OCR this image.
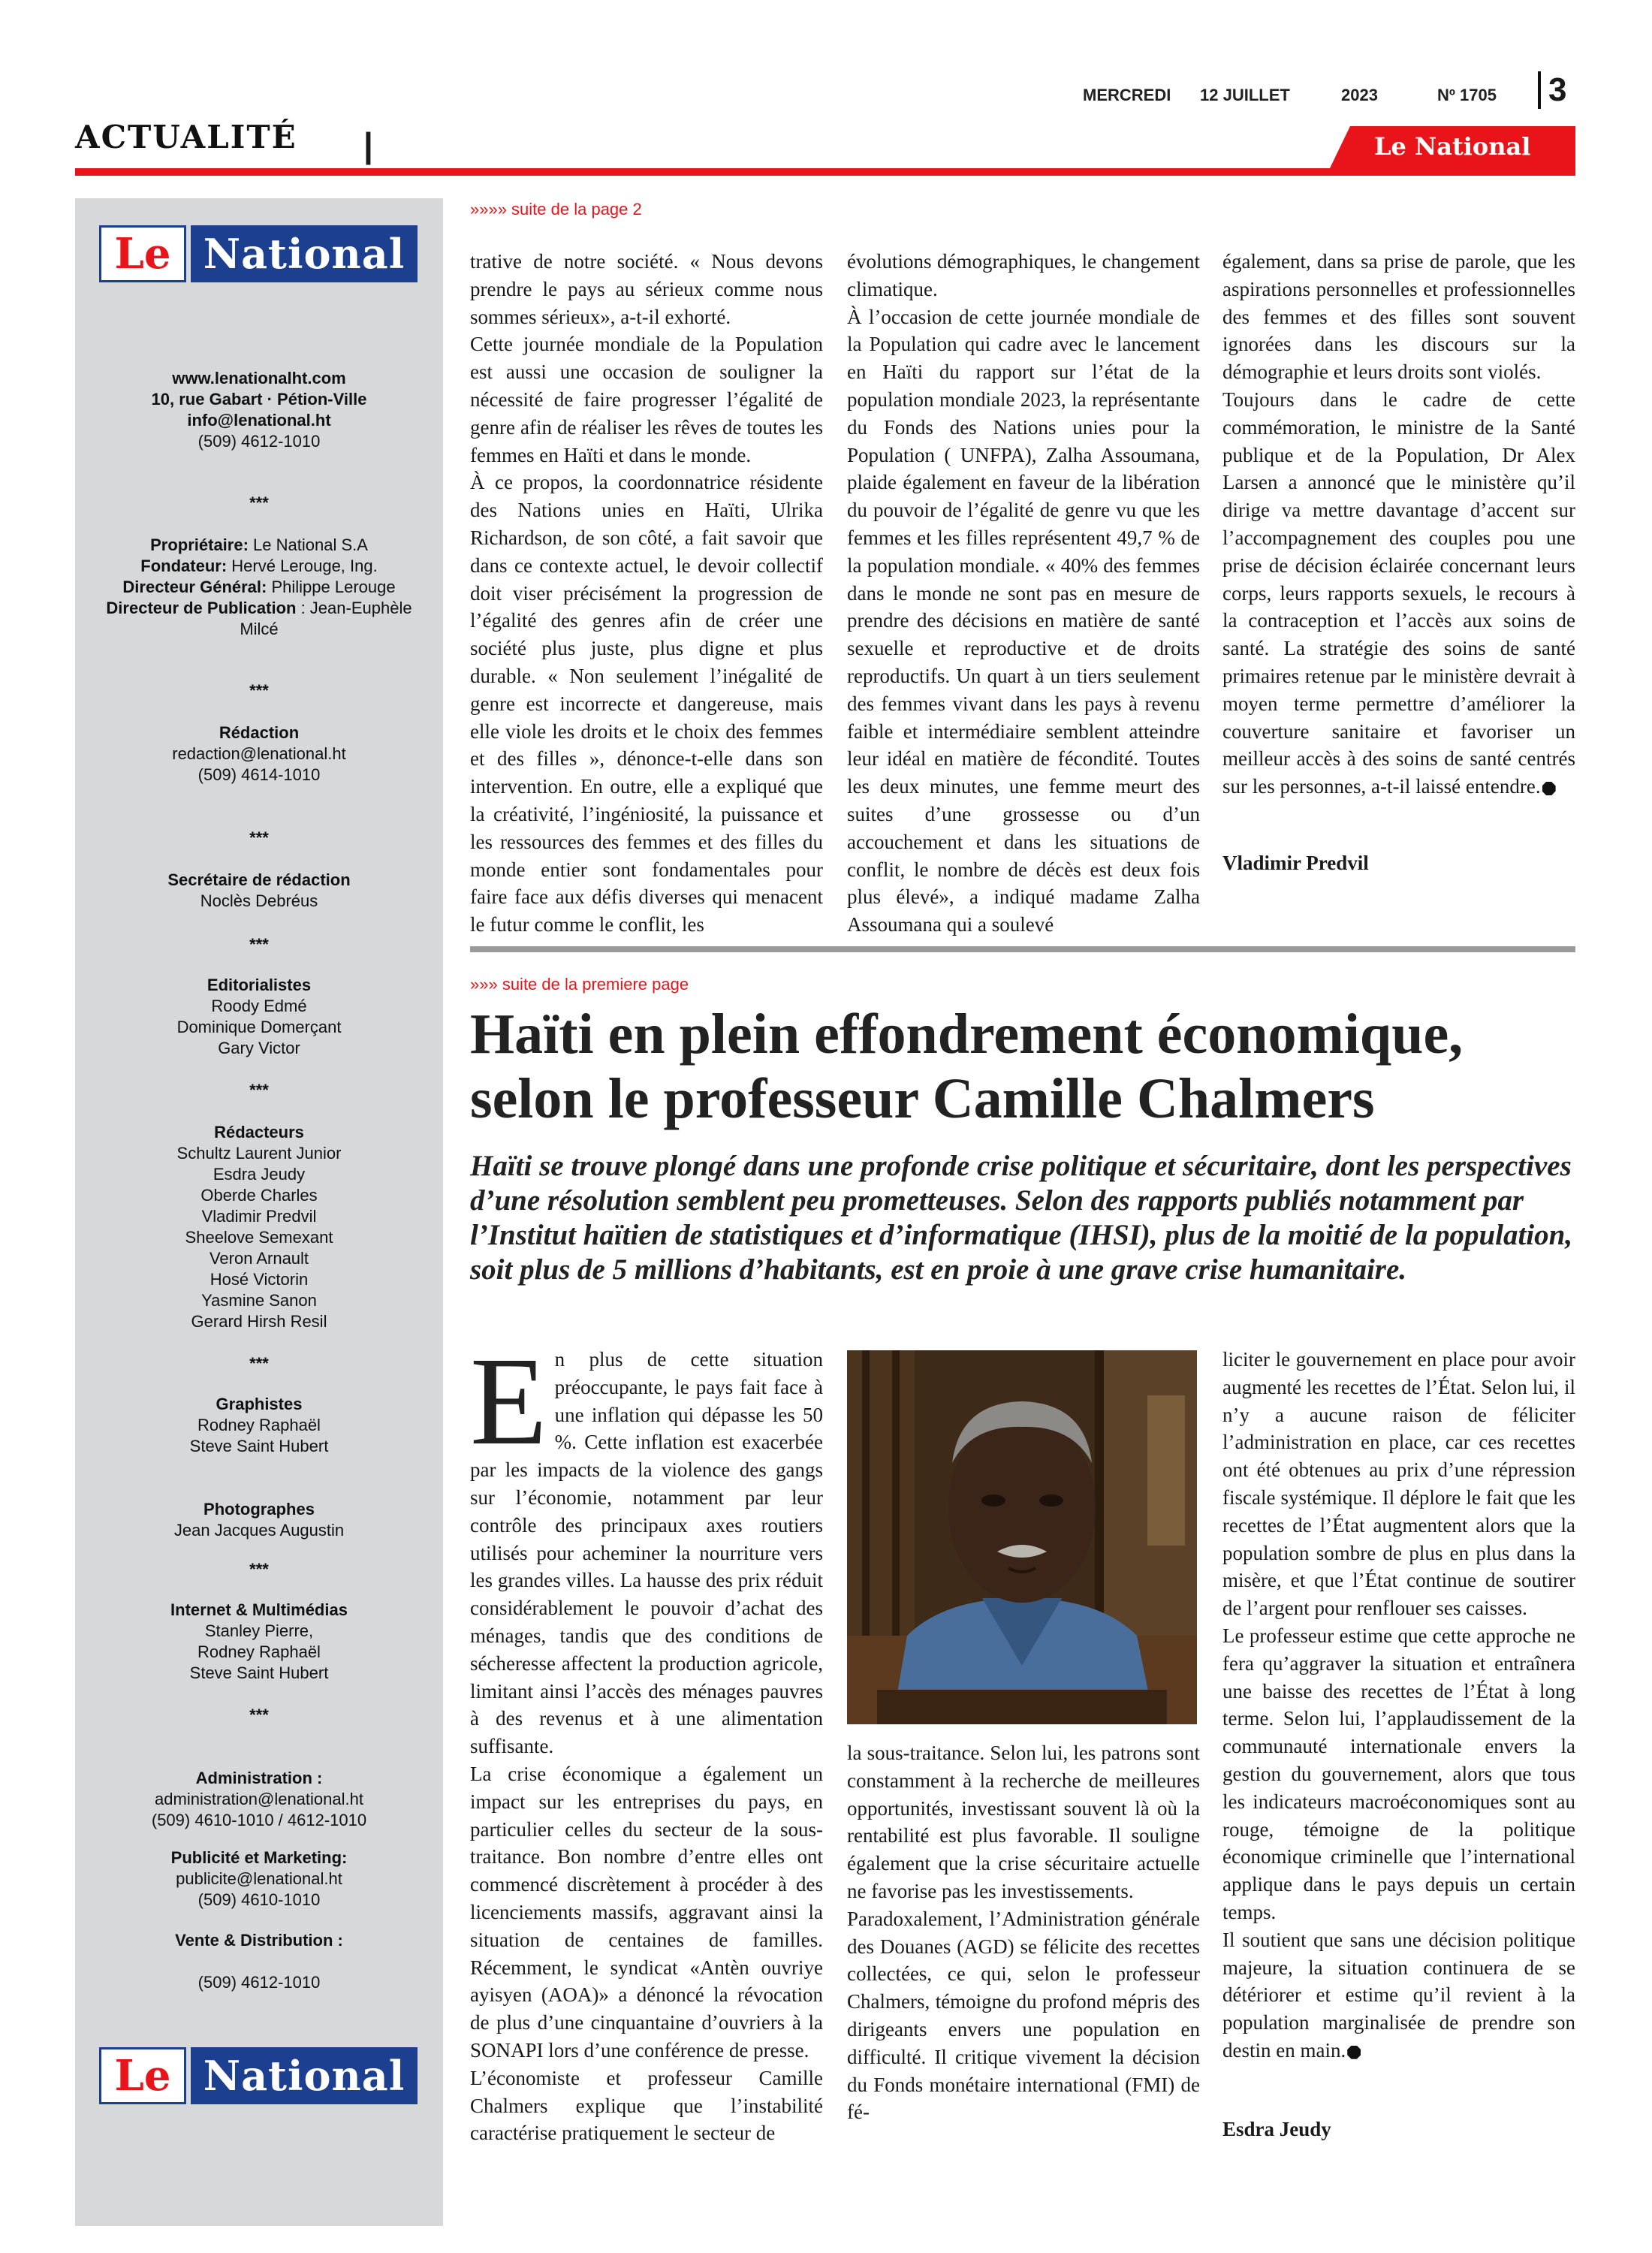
ACTUALITÉ |
MERCREDI 12 JUILLET	2023	Nº 1705	3
Le National
Le National
www.lenationalht.com
10, rue Gabart · Pétion-Ville
info@lenational.ht
(509) 4612-1010
***
Propriétaire: Le National S.A
Fondateur: Hervé Lerouge, Ing.
Directeur Général: Philippe Lerouge
Directeur de Publication : Jean-Euphèle
Milcé
***
Rédaction
redaction@lenational.ht
(509) 4614-1010
***
Secrétaire de rédaction
Noclès Debréus
***
Editorialistes
Roody Edmé
Dominique Domerçant
Gary Victor
***
Rédacteurs
Schultz Laurent Junior
Esdra Jeudy
Oberde Charles
Vladimir Predvil
Sheelove Semexant
Veron Arnault
Hosé Victorin
Yasmine Sanon
Gerard Hirsh Resil
***
Graphistes
Rodney Raphaël
Steve Saint Hubert
Photographes
Jean Jacques Augustin
***
Internet & Multimédias
Stanley Pierre,
Rodney Raphaël
Steve Saint Hubert
***
Administration :
administration@lenational.ht
(509) 4610-1010 / 4612-1010
Publicité et Marketing:
publicite@lenational.ht
(509) 4610-1010
Vente & Distribution :
(509) 4612-1010
Le National
»»»» suite de la page 2

trative de notre société. « Nous devons prendre le pays au sérieux comme nous sommes sérieux», a-t-il exhorté.

Cette journée mondiale de la Population est aussi une occasion de souligner la nécessité de faire progresser l’égalité de genre afin de réaliser les rêves de toutes les femmes en Haïti et dans le monde.

À ce propos, la coordonnatrice résidente des Nations unies en Haïti, Ulrika Richardson, de son côté, a fait savoir que dans ce contexte actuel, le devoir collectif doit viser précisément la progression de l’égalité des genres afin de créer une société plus juste, plus digne et plus durable. « Non seulement l’inégalité de genre est incorrecte et dangereuse, mais elle viole les droits et le choix des femmes et des filles », dénonce-t-elle dans son intervention. En outre, elle a expliqué que la créativité, l’ingéniosité, la puissance et les ressources des femmes et des filles du monde entier sont fondamentales pour faire face aux défis diverses qui menacent le futur comme le conflit, les

évolutions démographiques, le changement climatique.

À l’occasion de cette journée mondiale de la Population qui cadre avec le lancement en Haïti du rapport sur l’état de la population mondiale 2023, la représentante du Fonds des Nations unies pour la Population ( UNFPA), Zalha Assoumana, plaide également en faveur de la libération du pouvoir de l’égalité de genre vu que les femmes et les filles représentent 49,7 % de la population mondiale. « 40% des femmes dans le monde ne sont pas en mesure de prendre des décisions en matière de santé sexuelle et reproductive et de droits reproductifs. Un quart à un tiers seulement des femmes vivant dans les pays à revenu faible et intermédiaire semblent atteindre leur idéal en matière de fécondité. Toutes les deux minutes, une femme meurt des suites d’une grossesse ou d’un accouchement et dans les situations de conflit, le nombre de décès est deux fois plus élevé», a indiqué madame Zalha Assoumana qui a soulevé

également, dans sa prise de parole, que les aspirations personnelles et professionnelles des femmes et des filles sont souvent ignorées dans les discours sur la démographie et leurs droits sont violés.

Toujours dans le cadre de cette commémoration, le ministre de la Santé publique et de la Population, Dr Alex Larsen a annoncé que le ministère qu’il dirige va mettre davantage d’accent sur l’accompagnement des couples pou une prise de décision éclairée concernant leurs corps, leurs rapports sexuels, le recours à la contraception et l’accès aux soins de santé. La stratégie des soins de santé primaires retenue par le ministère devrait à moyen terme permettre d’améliorer la couverture sanitaire et favoriser un meilleur accès à des soins de santé centrés sur les personnes, a-t-il laissé entendre.

Vladimir Predvil
»»» suite de la premiere page
Haïti en plein effondrement économique,
selon le professeur Camille Chalmers
Haïti se trouve plongé dans une profonde crise politique et sécuritaire, dont les perspectives d’une résolution semblent peu prometteuses. Selon des rapports publiés notamment par l’Institut haïtien de statistiques et d’informatique (IHSI), plus de la moitié de la population, soit plus de 5 millions d’habitants, est en proie à une grave crise humanitaire.

En plus de cette situation préoccupante, le pays fait face à une inflation qui dépasse les 50 %. Cette inflation est exacerbée par les impacts de la violence des gangs sur l’économie, notamment par leur contrôle des principaux axes routiers utilisés pour acheminer la nourriture vers les grandes villes. La hausse des prix réduit considérablement le pouvoir d’achat des ménages, tandis que des conditions de sécheresse affectent la production agricole, limitant ainsi l’accès des ménages pauvres à des revenus et à une alimentation suffisante.

La crise économique a également un impact sur les entreprises du pays, en particulier celles du secteur de la sous-traitance. Bon nombre d’entre elles ont commencé discrètement à procéder à des licenciements massifs, aggravant ainsi la situation de centaines de familles. Récemment, le syndicat «Antèn ouvriye ayisyen (AOA)» a dénoncé la révocation de plus d’une cinquantaine d’ouvriers à la SONAPI lors d’une conférence de presse.

L’économiste et professeur Camille Chalmers explique que l’instabilité caractérise pratiquement le secteur de

la sous-traitance. Selon lui, les patrons sont constamment à la recherche de meilleures opportunités, investissant souvent là où la rentabilité est plus favorable. Il souligne également que la crise sécuritaire actuelle ne favorise pas les investissements.

Paradoxalement, l’Administration générale des Douanes (AGD) se félicite des recettes collectées, ce qui, selon le professeur Chalmers, témoigne du profond mépris des dirigeants envers une population en difficulté. Il critique vivement la décision du Fonds monétaire international (FMI) de fé-

liciter le gouvernement en place pour avoir augmenté les recettes de l’État. Selon lui, il n’y a aucune raison de féliciter l’administration en place, car ces recettes ont été obtenues au prix d’une répression fiscale systémique. Il déplore le fait que les recettes de l’État augmentent alors que la population sombre de plus en plus dans la misère, et que l’État continue de soutirer de l’argent pour renflouer ses caisses.

Le professeur estime que cette approche ne fera qu’aggraver la situation et entraînera une baisse des recettes de l’État à long terme. Selon lui, l’applaudissement de la communauté internationale envers la gestion du gouvernement, alors que tous les indicateurs macroéconomiques sont au rouge, témoigne de la politique économique criminelle que l’international applique dans le pays depuis un certain temps.

Il soutient que sans une décision politique majeure, la situation continuera de se détériorer et estime qu’il revient à la population marginalisée de prendre son destin en main.

Esdra Jeudy
